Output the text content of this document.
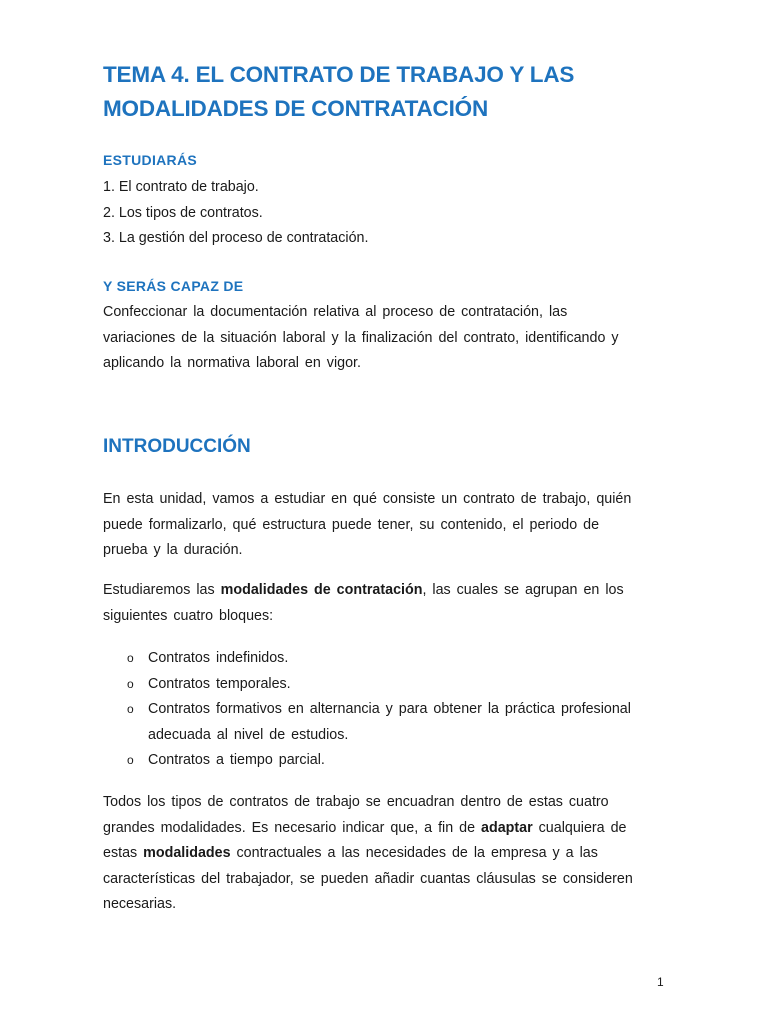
TEMA 4. EL CONTRATO DE TRABAJO Y LAS
MODALIDADES DE CONTRATACIÓN
ESTUDIARÁS
1. El contrato de trabajo.
2. Los tipos de contratos.
3. La gestión del proceso de contratación.
Y SERÁS CAPAZ DE
Confeccionar la documentación relativa al proceso de contratación, las
variaciones de la situación laboral y la finalización del contrato, identificando y
aplicando la normativa laboral en vigor.
INTRODUCCIÓN
En esta unidad, vamos a estudiar en qué consiste un contrato de trabajo, quién
puede formalizarlo, qué estructura puede tener, su contenido, el periodo de
prueba y la duración.
Estudiaremos las modalidades de contratación, las cuales se agrupan en los
siguientes cuatro bloques:
o Contratos indefinidos.
o Contratos temporales.
o Contratos formativos en alternancia y para obtener la práctica profesional
adecuada al nivel de estudios.
o Contratos a tiempo parcial.
Todos los tipos de contratos de trabajo se encuadran dentro de estas cuatro
grandes modalidades. Es necesario indicar que, a fin de adaptar cualquiera de
estas modalidades contractuales a las necesidades de la empresa y a las
características del trabajador, se pueden añadir cuantas cláusulas se consideren
necesarias.
1
